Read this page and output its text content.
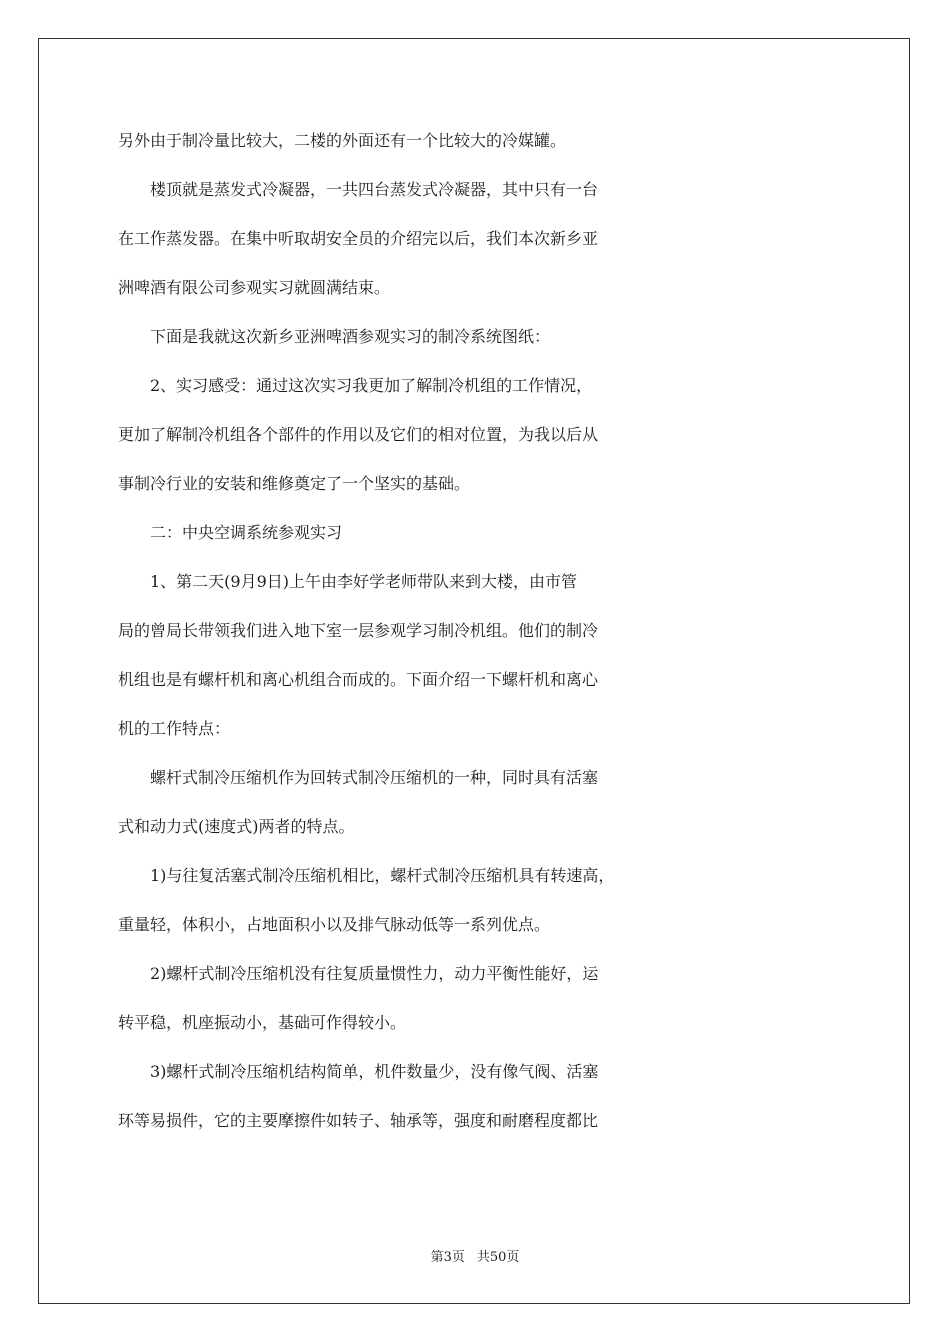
另外由于制冷量比较大，二楼的外面还有一个比较大的冷媒罐。
　　楼顶就是蒸发式冷凝器，一共四台蒸发式冷凝器，其中只有一台
在工作蒸发器。在集中听取胡安全员的介绍完以后，我们本次新乡亚
洲啤酒有限公司参观实习就圆满结束。
　　下面是我就这次新乡亚洲啤酒参观实习的制冷系统图纸：
　　2、实习感受：通过这次实习我更加了解制冷机组的工作情况，
更加了解制冷机组各个部件的作用以及它们的相对位置，为我以后从
事制冷行业的安装和维修奠定了一个坚实的基础。
　　二：中央空调系统参观实习
　　1、第二天(9月9日)上午由李好学老师带队来到大楼，由市管
局的曾局长带领我们进入地下室一层参观学习制冷机组。他们的制冷
机组也是有螺杆机和离心机组合而成的。下面介绍一下螺杆机和离心
机的工作特点：
　　螺杆式制冷压缩机作为回转式制冷压缩机的一种，同时具有活塞
式和动力式(速度式)两者的特点。
　　1)与往复活塞式制冷压缩机相比，螺杆式制冷压缩机具有转速高，
重量轻，体积小，占地面积小以及排气脉动低等一系列优点。
　　2)螺杆式制冷压缩机没有往复质量惯性力，动力平衡性能好，运
转平稳，机座振动小，基础可作得较小。
　　3)螺杆式制冷压缩机结构简单，机件数量少，没有像气阀、活塞
环等易损件，它的主要摩擦件如转子、轴承等，强度和耐磨程度都比
第3页 共50页
